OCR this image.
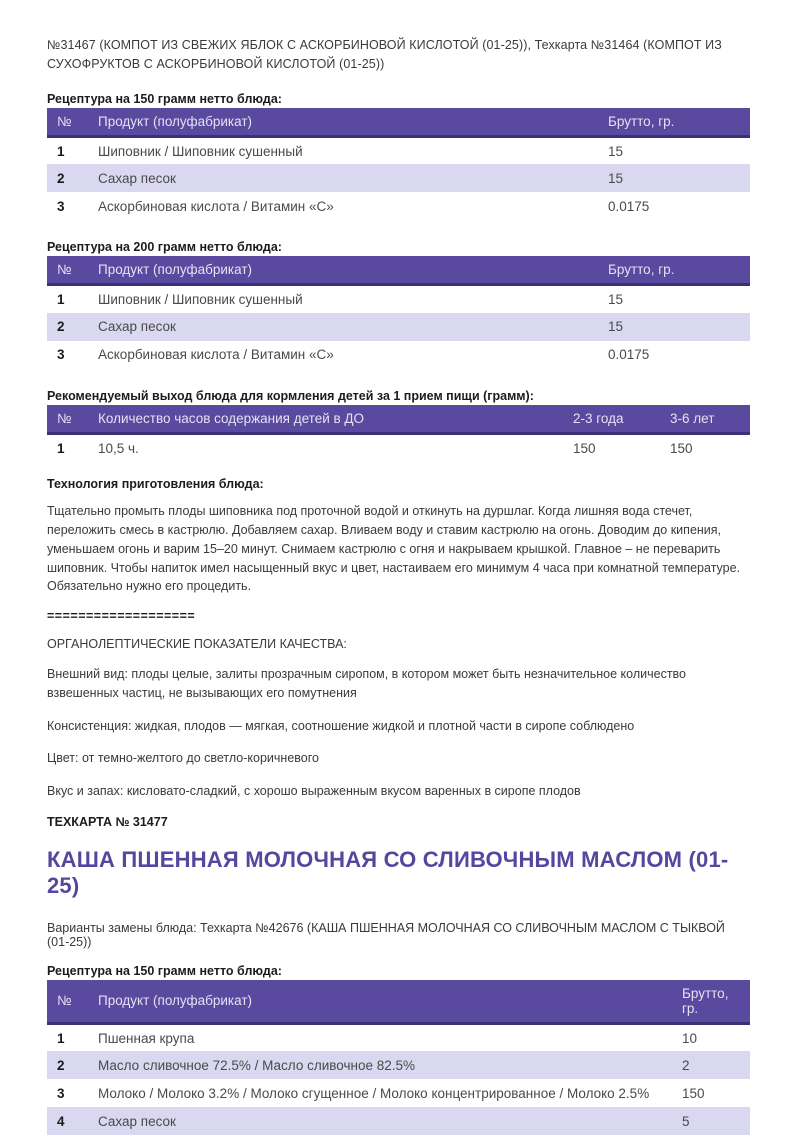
№31467 (КОМПОТ ИЗ СВЕЖИХ ЯБЛОК С АСКОРБИНОВОЙ КИСЛОТОЙ (01-25)), Техкарта №31464 (КОМПОТ ИЗ СУХОФРУКТОВ С АСКОРБИНОВОЙ КИСЛОТОЙ (01-25))

Рецептура на 150 грамм нетто блюда:

№	Продукт (полуфабрикат)	Брутто, гр.
1	Шиповник / Шиповник сушенный	15
2	Сахар песок	15
3	Аскорбиновая кислота / Витамин «С»	0.0175

Рецептура на 200 грамм нетто блюда:

№	Продукт (полуфабрикат)	Брутто, гр.
1	Шиповник / Шиповник сушенный	15
2	Сахар песок	15
3	Аскорбиновая кислота / Витамин «С»	0.0175

Рекомендуемый выход блюда для кормления детей за 1 прием пищи (грамм):

№	Количество часов содержания детей в ДО	2-3 года	3-6 лет
1	10,5 ч.	150	150

Технология приготовления блюда:

Тщательно промыть плоды шиповника под проточной водой и откинуть на дуршлаг. Когда лишняя вода стечет, переложить смесь в кастрюлю. Добавляем сахар. Вливаем воду и ставим кастрюлю на огонь. Доводим до кипения, уменьшаем огонь и варим 15–20 минут. Снимаем кастрюлю с огня и накрываем крышкой. Главное – не переварить шиповник. Чтобы напиток имел насыщенный вкус и цвет, настаиваем его минимум 4 часа при комнатной температуре. Обязательно нужно его процедить.

===================

ОРГАНОЛЕПТИЧЕСКИЕ ПОКАЗАТЕЛИ КАЧЕСТВА:

Внешний вид: плоды целые, залиты прозрачным сиропом, в котором может быть незначительное количество взвешенных частиц, не вызывающих его помутнения

Консистенция: жидкая, плодов — мягкая, соотношение жидкой и плотной части в сиропе соблюдено

Цвет: от темно-желтого до светло-коричневого

Вкус и запах: кисловато-сладкий, с хорошо выраженным вкусом варенных в сиропе плодов

ТЕХКАРТА № 31477

КАША ПШЕННАЯ МОЛОЧНАЯ СО СЛИВОЧНЫМ МАСЛОМ (01-25)

Варианты замены блюда: Техкарта №42676 (КАША ПШЕННАЯ МОЛОЧНАЯ СО СЛИВОЧНЫМ МАСЛОМ С ТЫКВОЙ (01-25))

Рецептура на 150 грамм нетто блюда:

№	Продукт (полуфабрикат)	Брутто, гр.
1	Пшенная крупа	10
2	Масло сливочное 72.5% / Масло сливочное 82.5%	2
3	Молоко / Молоко 3.2% / Молоко сгущенное / Молоко концентрированное / Молоко 2.5%	150
4	Сахар песок	5
